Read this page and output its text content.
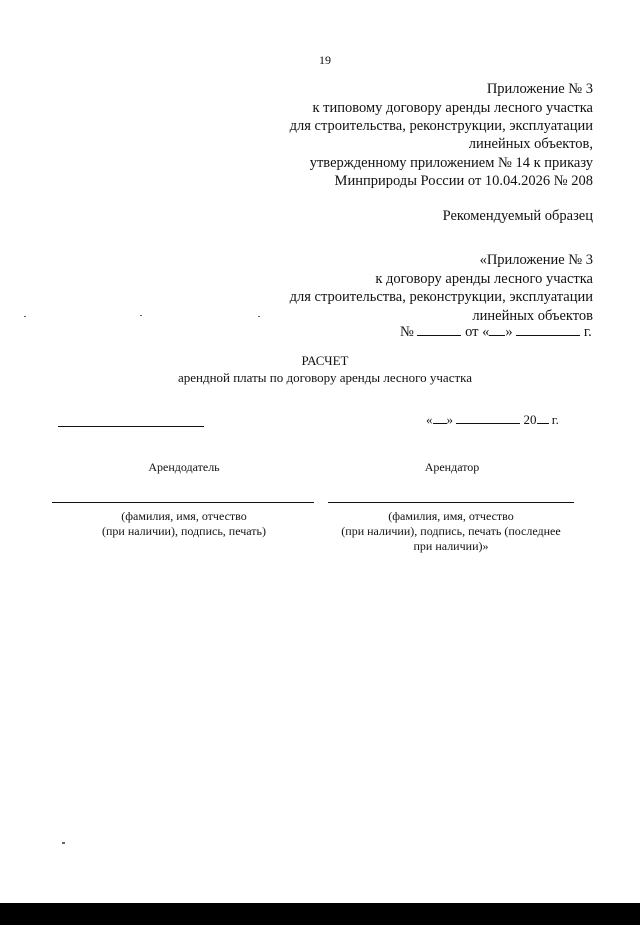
19
Приложение № 3
к типовому договору аренды лесного участка
для строительства, реконструкции, эксплуатации
линейных объектов,
утвержденному приложением № 14 к приказу
Минприроды России от 10.04.2026 № 208
Рекомендуемый образец
«Приложение № 3
к договору аренды лесного участка
для строительства, реконструкции, эксплуатации
линейных объектов
№	от « »	г.
РАСЧЕТ
арендной платы по договору аренды лесного участка
« »	20 г.
Арендодатель
(фамилия, имя, отчество
(при наличии), подпись, печать)
Арендатор
(фамилия, имя, отчество
(при наличии), подпись, печать (последнее
при наличии)»
